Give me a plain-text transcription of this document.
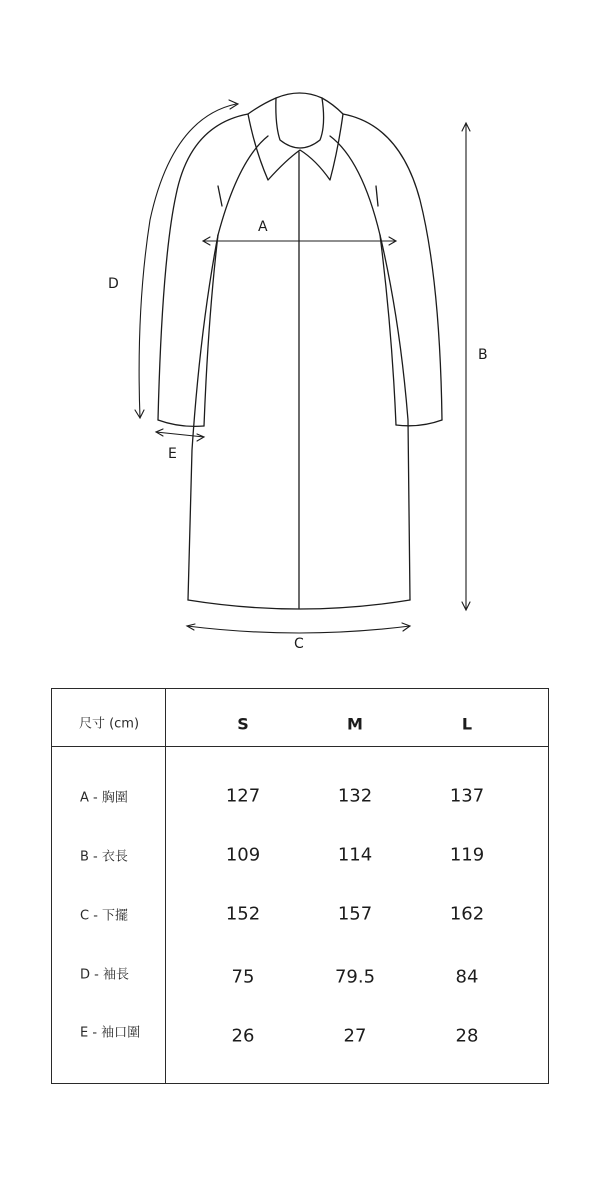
A
B
C
D
E
尺寸 (cm)	S	M	L
A - 胸圍	127	132	137
B - 衣長	109	114	119
C - 下擺	152	157	162
D - 袖長	75	79.5	84
E - 袖口圍	26	27	28
